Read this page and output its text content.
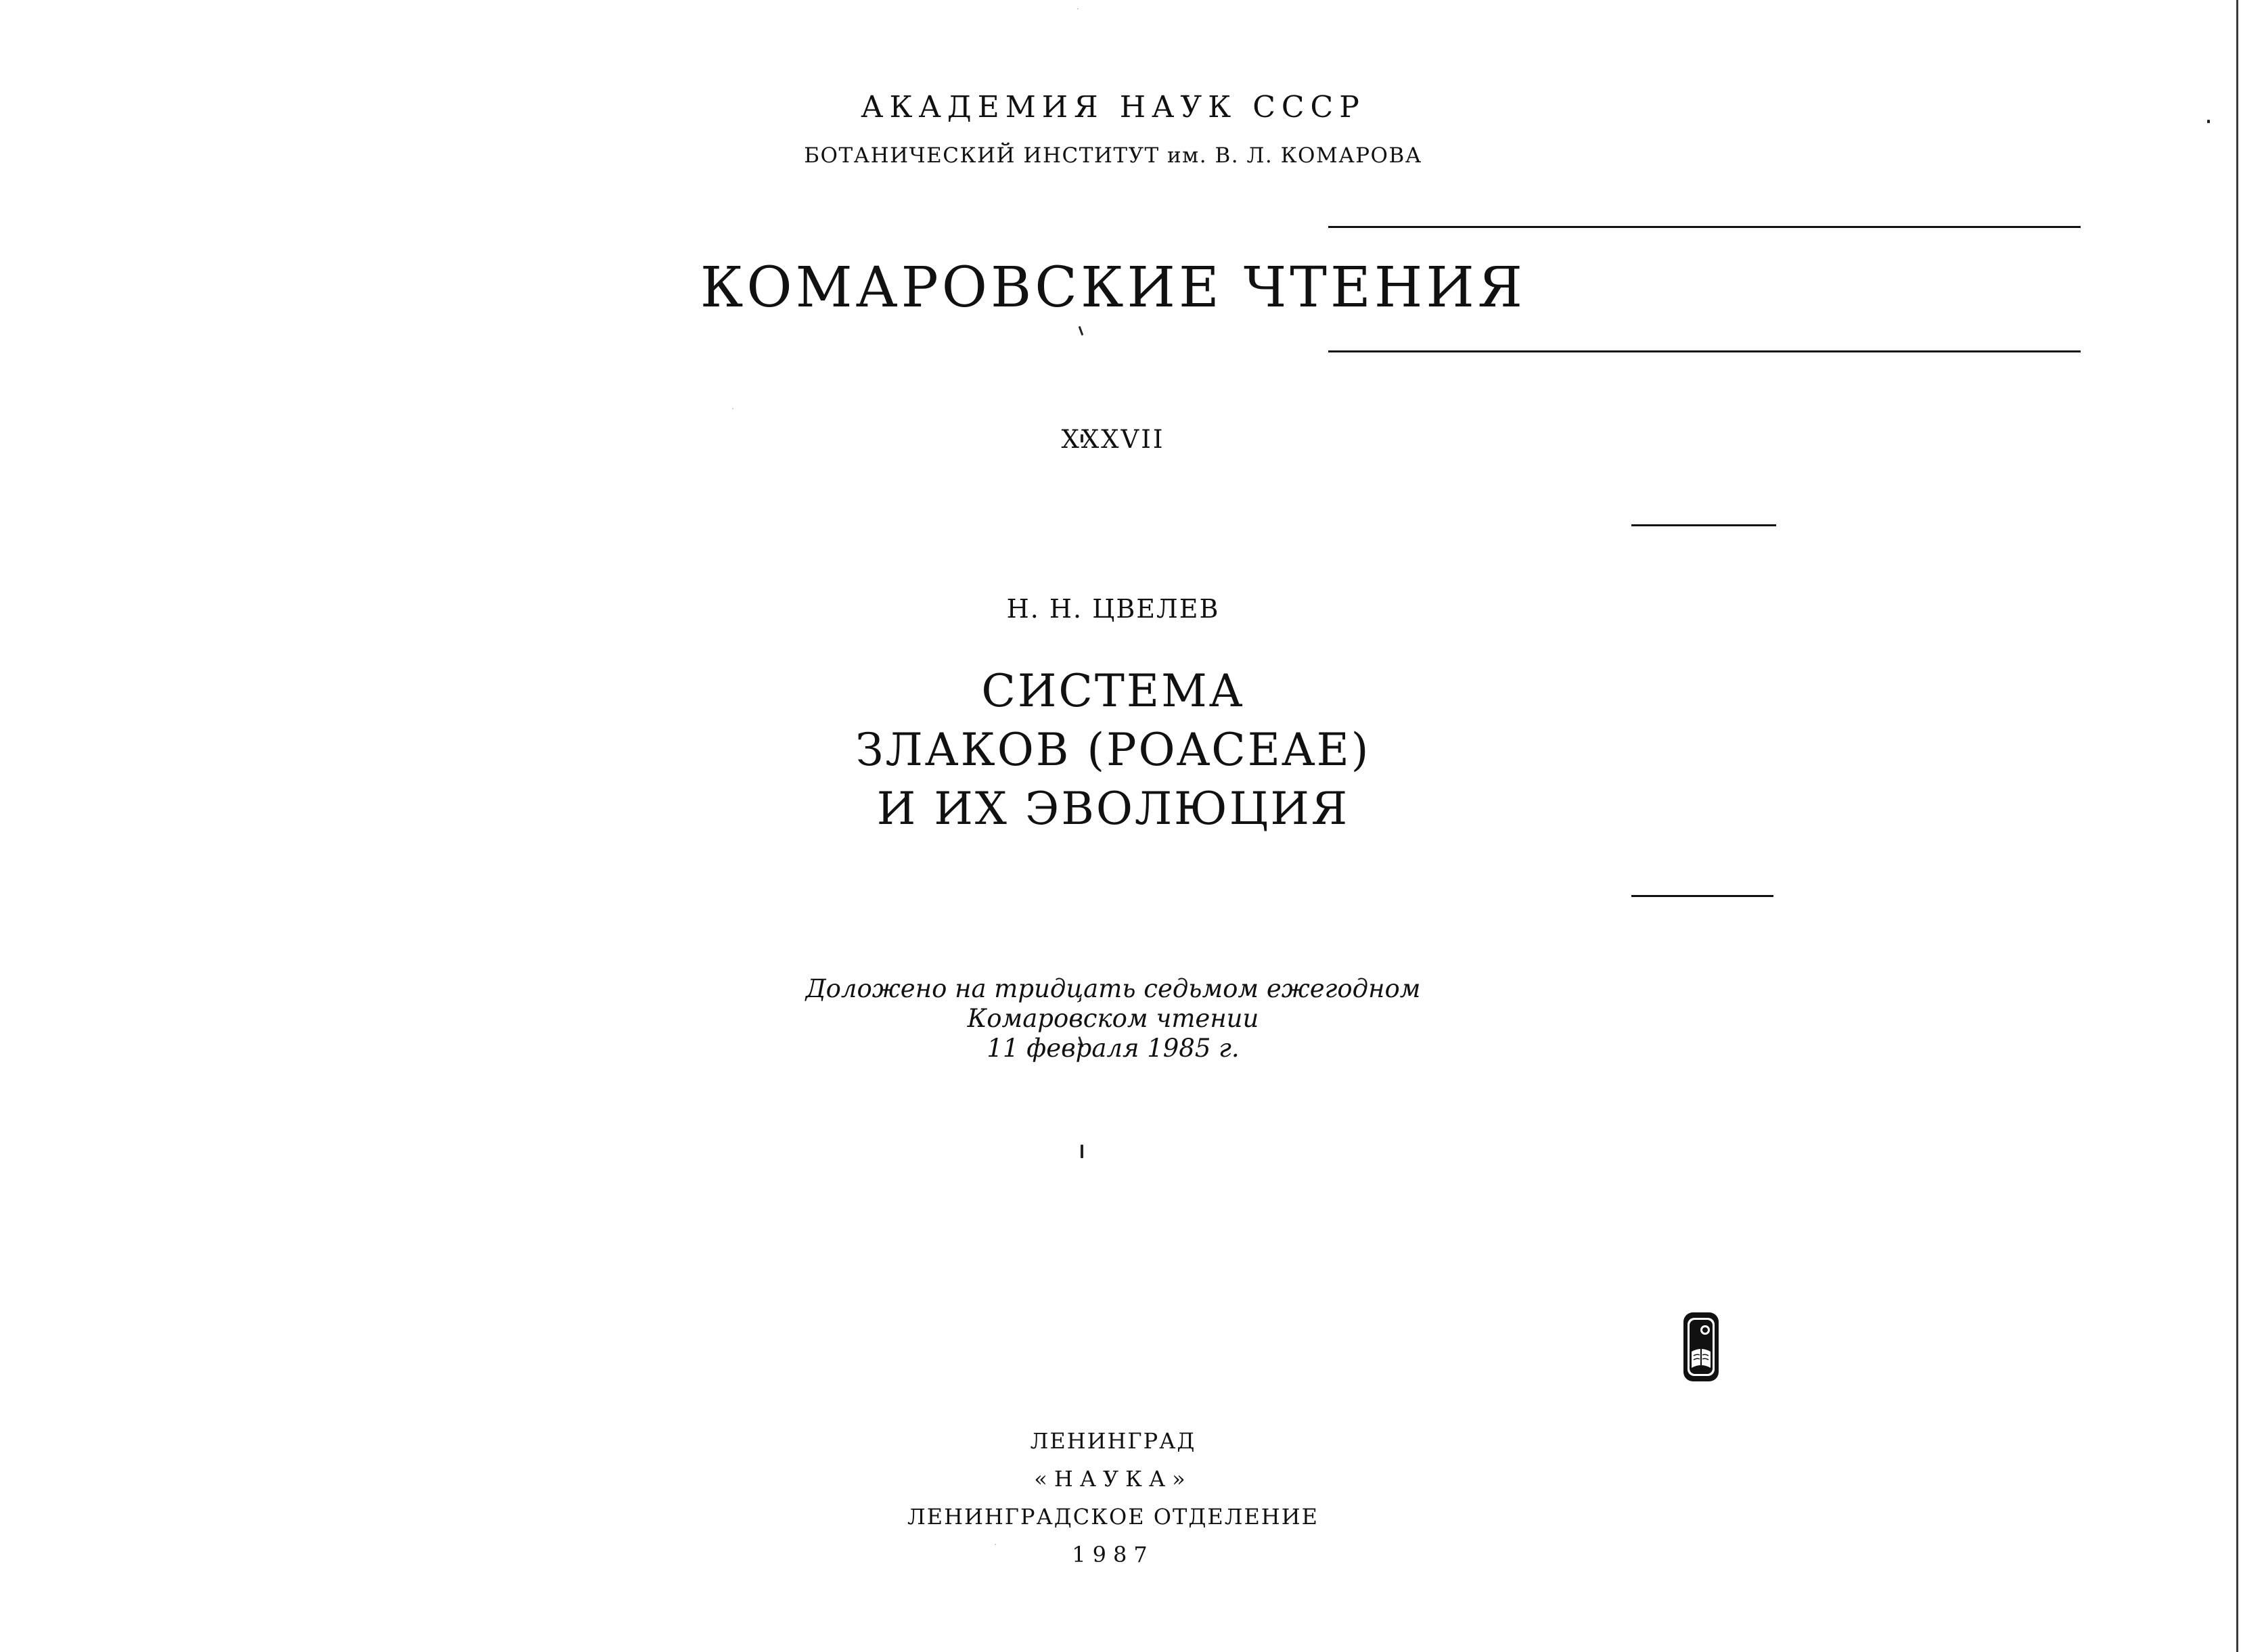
АКАДЕМИЯ НАУК СССР
БОТАНИЧЕСКИЙ ИНСТИТУТ им. В. Л. КОМАРОВА
КОМАРОВСКИЕ ЧТЕНИЯ
XXXVII
Н. Н. ЦВЕЛЕВ
СИСТЕМА
ЗЛАКОВ (POACEAE)
И ИХ ЭВОЛЮЦИЯ
Доложено на тридцать седьмом ежегодном
Комаровском чтении
11 февраля 1985 г.
ЛЕНИНГРАД
«НАУКА»
ЛЕНИНГРАДСКОЕ ОТДЕЛЕНИЕ
1987
